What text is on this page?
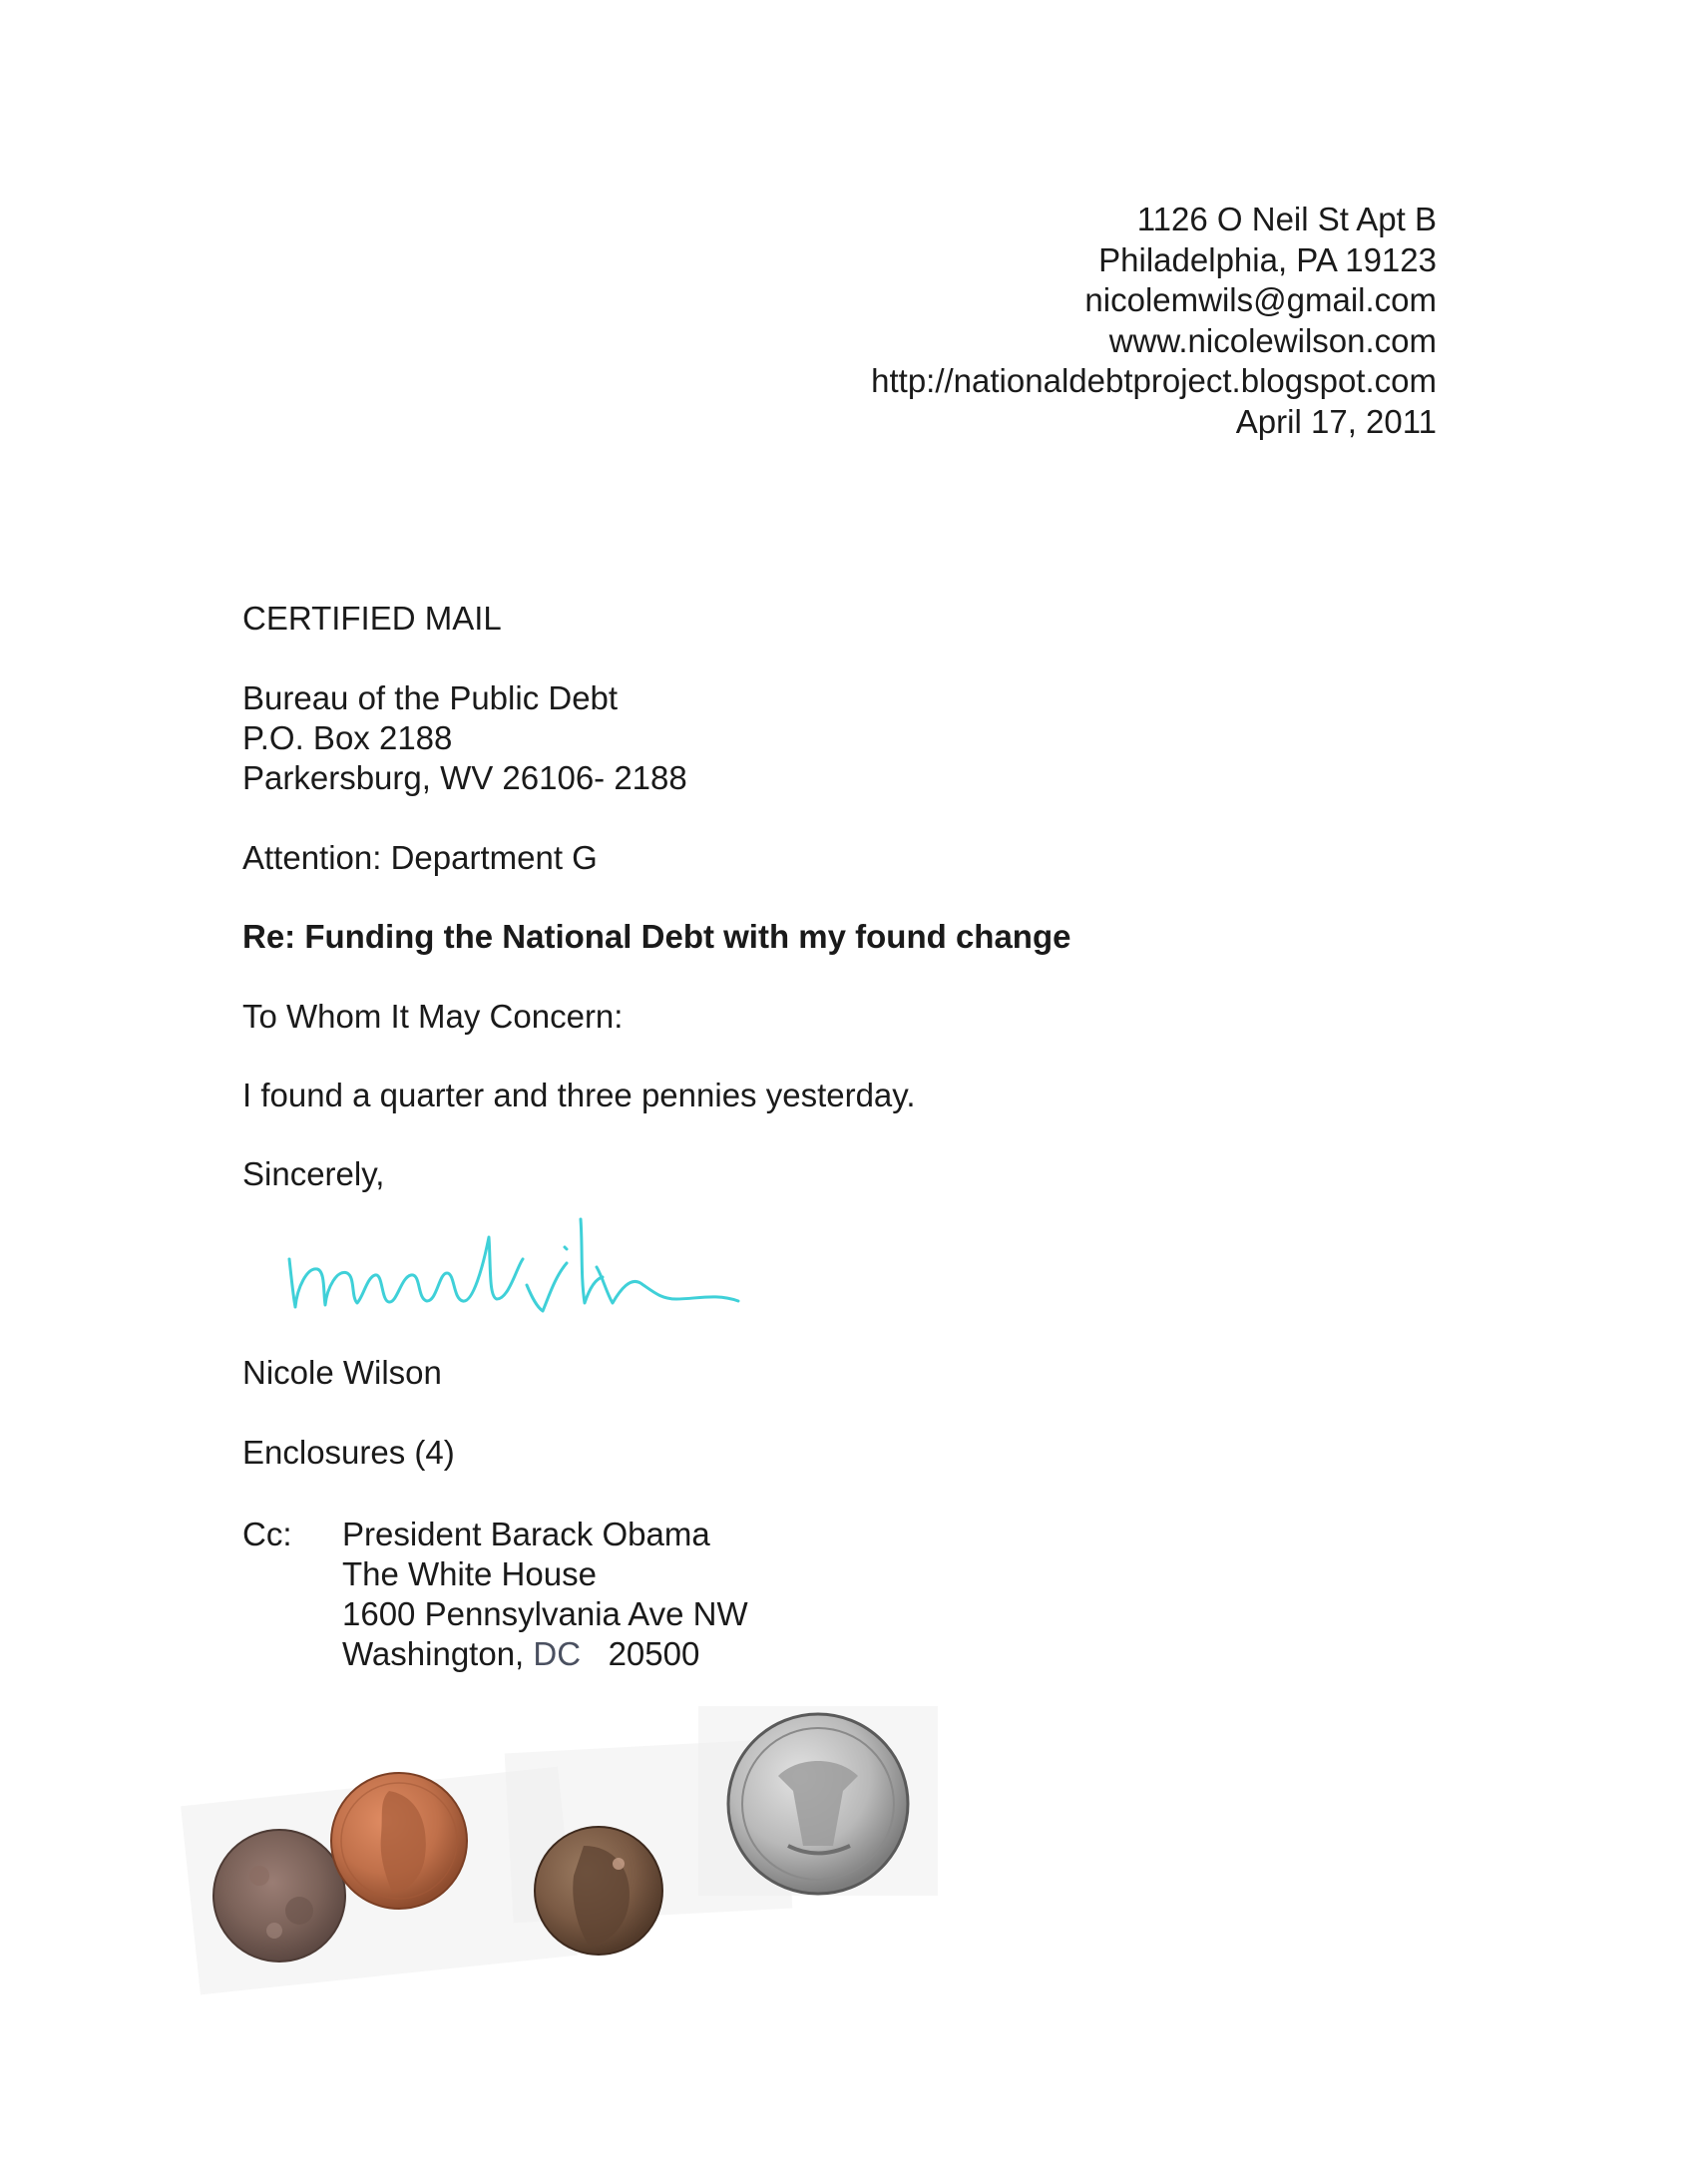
1126 O Neil St Apt B
Philadelphia, PA 19123
nicolemwils@gmail.com
www.nicolewilson.com
http://nationaldebtproject.blogspot.com
April 17, 2011
CERTIFIED MAIL
Bureau of the Public Debt
P.O. Box 2188
Parkersburg, WV 26106- 2188
Attention: Department G
Re: Funding the National Debt with my found change
To Whom It May Concern:
I found a quarter and three pennies yesterday.
Sincerely,
Nicole Wilson
Enclosures (4)
Cc: President Barack Obama
The White House
1600 Pennsylvania Ave NW
Washington, DC 20500
